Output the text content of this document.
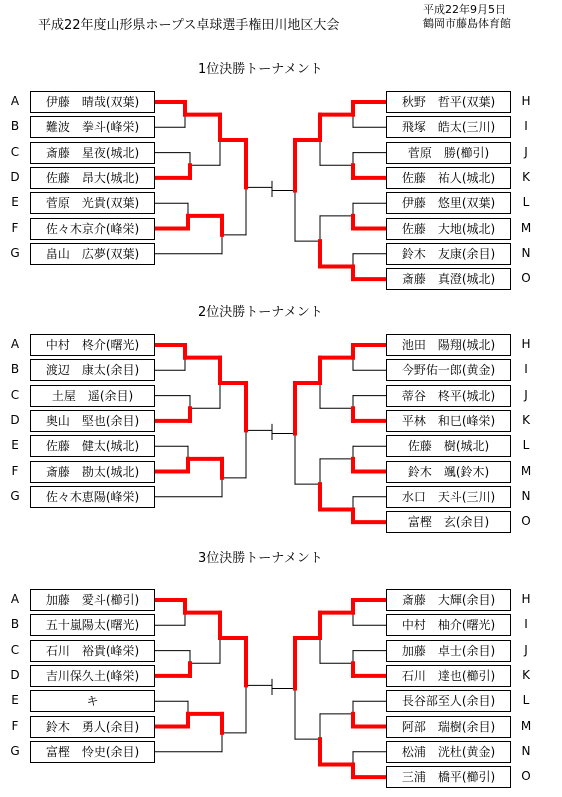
平成22年度山形県ホープス卓球選手権田川地区大会
平成22年9月5日
鶴岡市藤島体育館
1位決勝トーナメント
A	伊藤　晴哉(双葉)
B	難波　拳斗(峰栄)
C	斎藤　星夜(城北)
D	佐藤　昂大(城北)
E	菅原　光貴(双葉)
F	佐々木京介(峰栄)
G	畠山　広夢(双葉)
秋野　哲平(双葉)	H
飛塚　皓太(三川)	I
菅原　勝(櫛引)	J
佐藤　祐人(城北)	K
伊藤　悠里(双葉)	L
佐藤　大地(城北)	M
鈴木　友康(余目)	N
斎藤　真澄(城北)	O
2位決勝トーナメント
A	中村　柊介(曙光)
B	渡辺　康太(余目)
C	土屋　遥(余目)
D	奥山　堅也(余目)
E	佐藤　健太(城北)
F	斎藤　勘太(城北)
G	佐々木恵陽(峰栄)
池田　陽翔(城北)	H
今野佑一郎(黄金)	I
蒂谷　柊平(城北)	J
平林　和巳(峰栄)	K
佐藤　樹(城北)	L
鈴木　颯(鈴木)	M
水口　天斗(三川)	N
富樫　玄(余目)	O
3位決勝トーナメント
A	加藤　愛斗(櫛引)
B	五十嵐陽太(曙光)
C	石川　裕貴(峰栄)
D	吉川保久土(峰栄)
E	キ
F	鈴木　勇人(余目)
G	富樫　怜史(余目)
斎藤　大輝(余目)	H
中村　柚介(曙光)	I
加藤　卓士(余目)	J
石川　達也(櫛引)	K
長谷部至人(余目)	L
阿部　瑞樹(余目)	M
松浦　洸杜(黄金)	N
三浦　橋平(櫛引)	O
